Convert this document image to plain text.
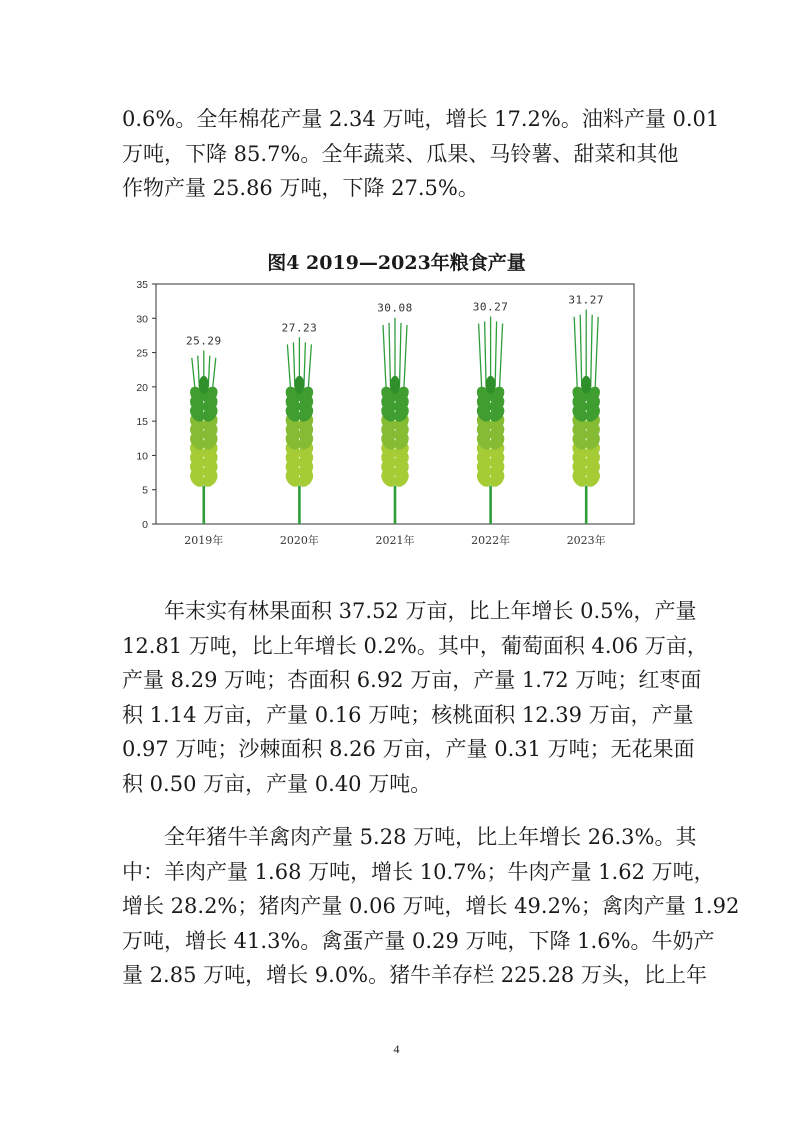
0.6%。全年棉花产量 2.34 万吨，增长 17.2%。油料产量 0.01
万吨，下降 85.7%。全年蔬菜、瓜果、马铃薯、甜菜和其他
作物产量 25.86 万吨，下降 27.5%。
图4 2019—2023年粮食产量
0
5
10
15
20
25
30
35
2019年	2020年	2021年	2022年	2023年
25.29
27.23
30.08	30.27
31.27
　　年末实有林果面积 37.52 万亩，比上年增长 0.5%，产量
12.81 万吨，比上年增长 0.2%。其中，葡萄面积 4.06 万亩，
产量 8.29 万吨；杏面积 6.92 万亩，产量 1.72 万吨；红枣面
积 1.14 万亩，产量 0.16 万吨；核桃面积 12.39 万亩，产量
0.97 万吨；沙棘面积 8.26 万亩，产量 0.31 万吨；无花果面
积 0.50 万亩，产量 0.40 万吨。
　　全年猪牛羊禽肉产量 5.28 万吨，比上年增长 26.3%。其
中：羊肉产量 1.68 万吨，增长 10.7%；牛肉产量 1.62 万吨，
增长 28.2%；猪肉产量 0.06 万吨，增长 49.2%；禽肉产量 1.92
万吨，增长 41.3%。禽蛋产量 0.29 万吨，下降 1.6%。牛奶产
量 2.85 万吨，增长 9.0%。猪牛羊存栏 225.28 万头，比上年
4
